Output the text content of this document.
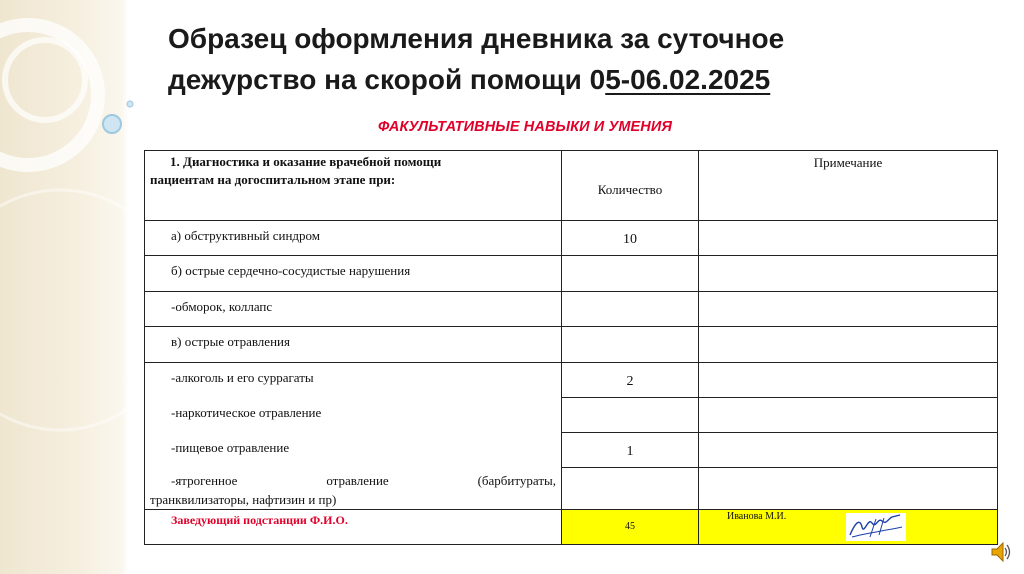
Образец оформления дневника за суточное
дежурство на скорой помощи 05-06.02.2025
ФАКУЛЬТАТИВНЫЕ НАВЫКИ И УМЕНИЯ
1. Диагностика и оказание врачебной помощи
пациентам на догоспитальном этапе при:	Количество	Примечание
а) обструктивный синдром	10	
б) острые сердечно-сосудистые нарушения		
-обморок, коллапс		
в) острые отравления		
-алкоголь и его суррагаты	2	
-наркотическое отравление		
-пищевое отравление	1	

-ятрогенное отравление (барбитураты,
транквилизаторы, нафтизин и пр)		

Заведующий подстанции Ф.И.О.	45	Иванова М.И.
